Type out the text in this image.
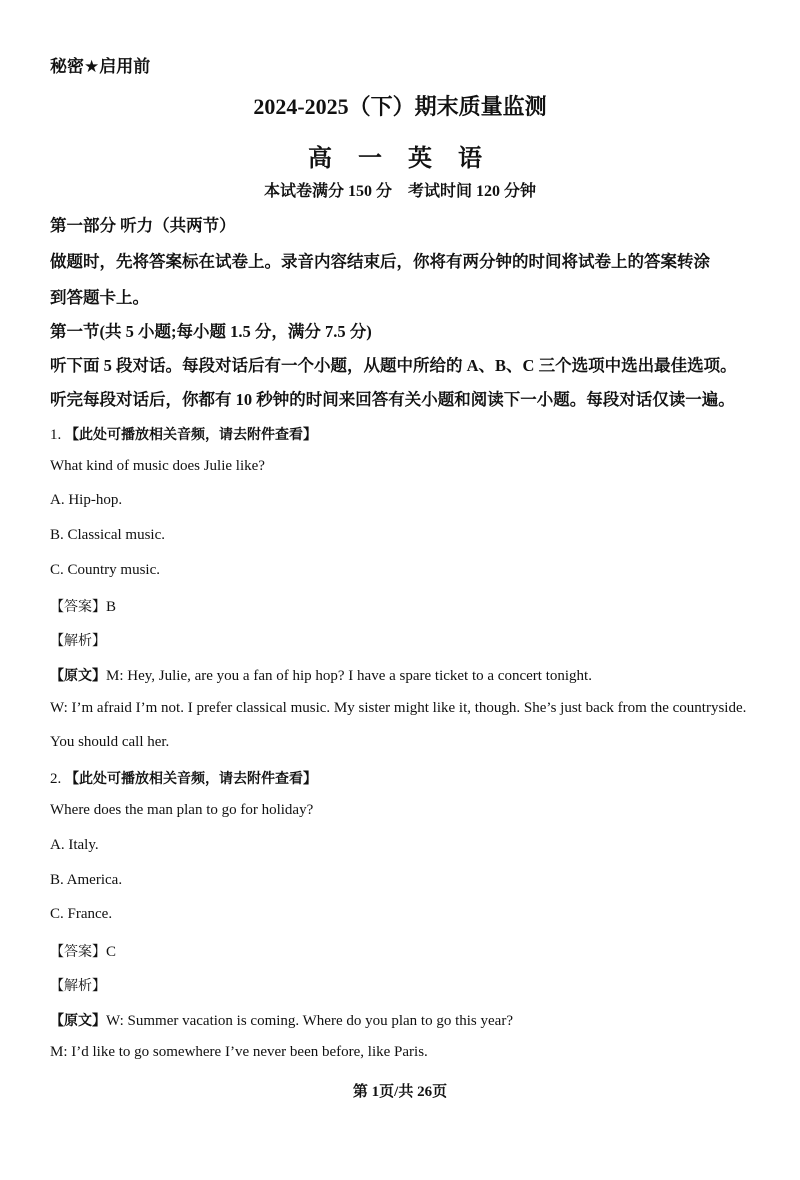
秘密★启用前
2024-2025（下）期末质量监测
高 一 英 语
本试卷满分 150 分　考试时间 120 分钟
第一部分 听力（共两节）
做题时，先将答案标在试卷上。录音内容结束后，你将有两分钟的时间将试卷上的答案转涂
到答题卡上。
第一节(共 5 小题;每小题 1.5 分，满分 7.5 分)
听下面 5 段对话。每段对话后有一个小题，从题中所给的 A、B、C 三个选项中选出最佳选项。
听完每段对话后，你都有 10 秒钟的时间来回答有关小题和阅读下一小题。每段对话仅读一遍。
1. 【此处可播放相关音频，请去附件查看】
What kind of music does Julie like?
A. Hip-hop.
B. Classical music.
C. Country music.
【答案】B
【解析】
【原文】M: Hey, Julie, are you a fan of hip hop? I have a spare ticket to a concert tonight.
W: I’m afraid I’m not. I prefer classical music. My sister might like it, though. She’s just back from the countryside.
You should call her.
2. 【此处可播放相关音频，请去附件查看】
Where does the man plan to go for holiday?
A. Italy.
B. America.
C. France.
【答案】C
【解析】
【原文】W: Summer vacation is coming. Where do you plan to go this year?
M: I’d like to go somewhere I’ve never been before, like Paris.
第 1页/共 26页
